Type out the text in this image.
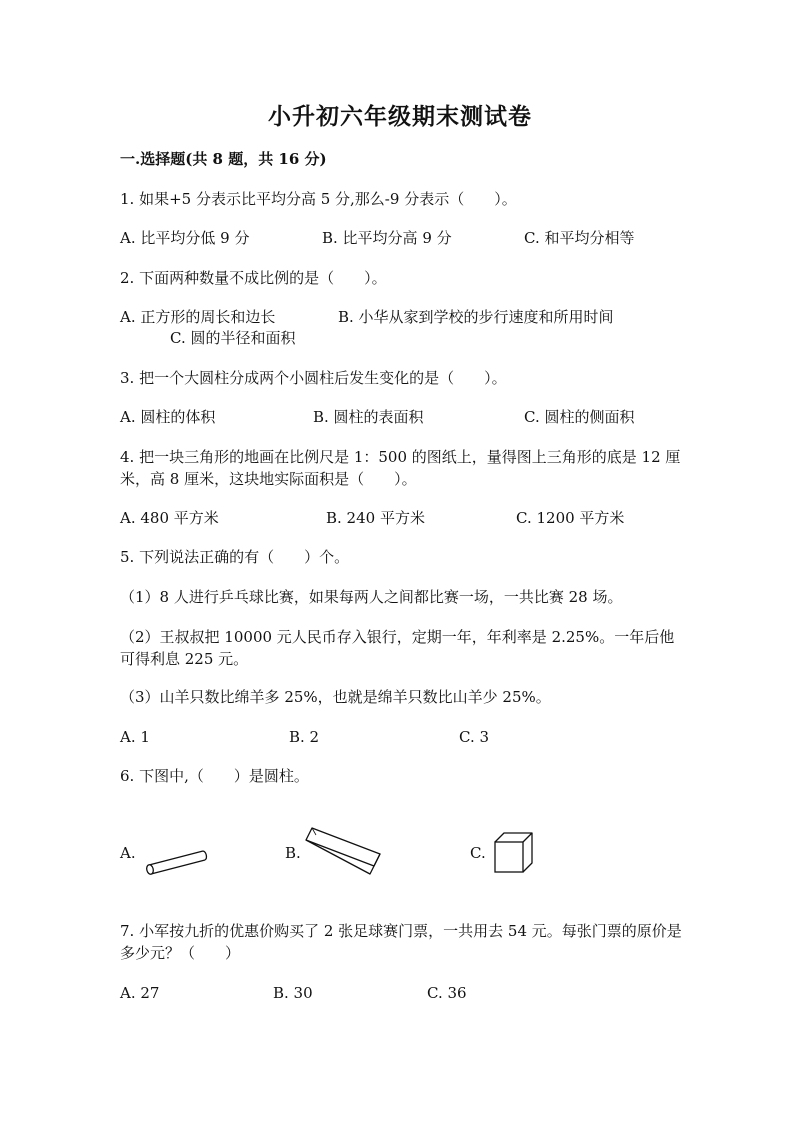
小升初六年级期末测试卷
一.选择题(共 8 题，共 16 分)
1. 如果+5 分表示比平均分高 5 分,那么-9 分表示（　　）。
A. 比平均分低 9 分	B. 比平均分高 9 分	C. 和平均分相等
2. 下面两种数量不成比例的是（　　）。
A. 正方形的周长和边长	B. 小华从家到学校的步行速度和所用时间
C. 圆的半径和面积
3. 把一个大圆柱分成两个小圆柱后发生变化的是（　　）。
A. 圆柱的体积	B. 圆柱的表面积	C. 圆柱的侧面积
4. 把一块三角形的地画在比例尺是 1：500 的图纸上，量得图上三角形的底是 12 厘米，高 8 厘米，这块地实际面积是（　　）。
A. 480 平方米	B. 240 平方米	C. 1200 平方米
5. 下列说法正确的有（　　）个。
（1）8 人进行乒乓球比赛，如果每两人之间都比赛一场，一共比赛 28 场。
（2）王叔叔把 10000 元人民币存入银行，定期一年，年利率是 2.25%。一年后他可得利息 225 元。
（3）山羊只数比绵羊多 25%，也就是绵羊只数比山羊少 25%。
A. 1	B. 2	C. 3
6. 下图中,（　　）是圆柱。
A.	B.	C.
7. 小军按九折的优惠价购买了 2 张足球赛门票，一共用去 54 元。每张门票的原价是多少元？（　　）
A. 27	B. 30	C. 36
